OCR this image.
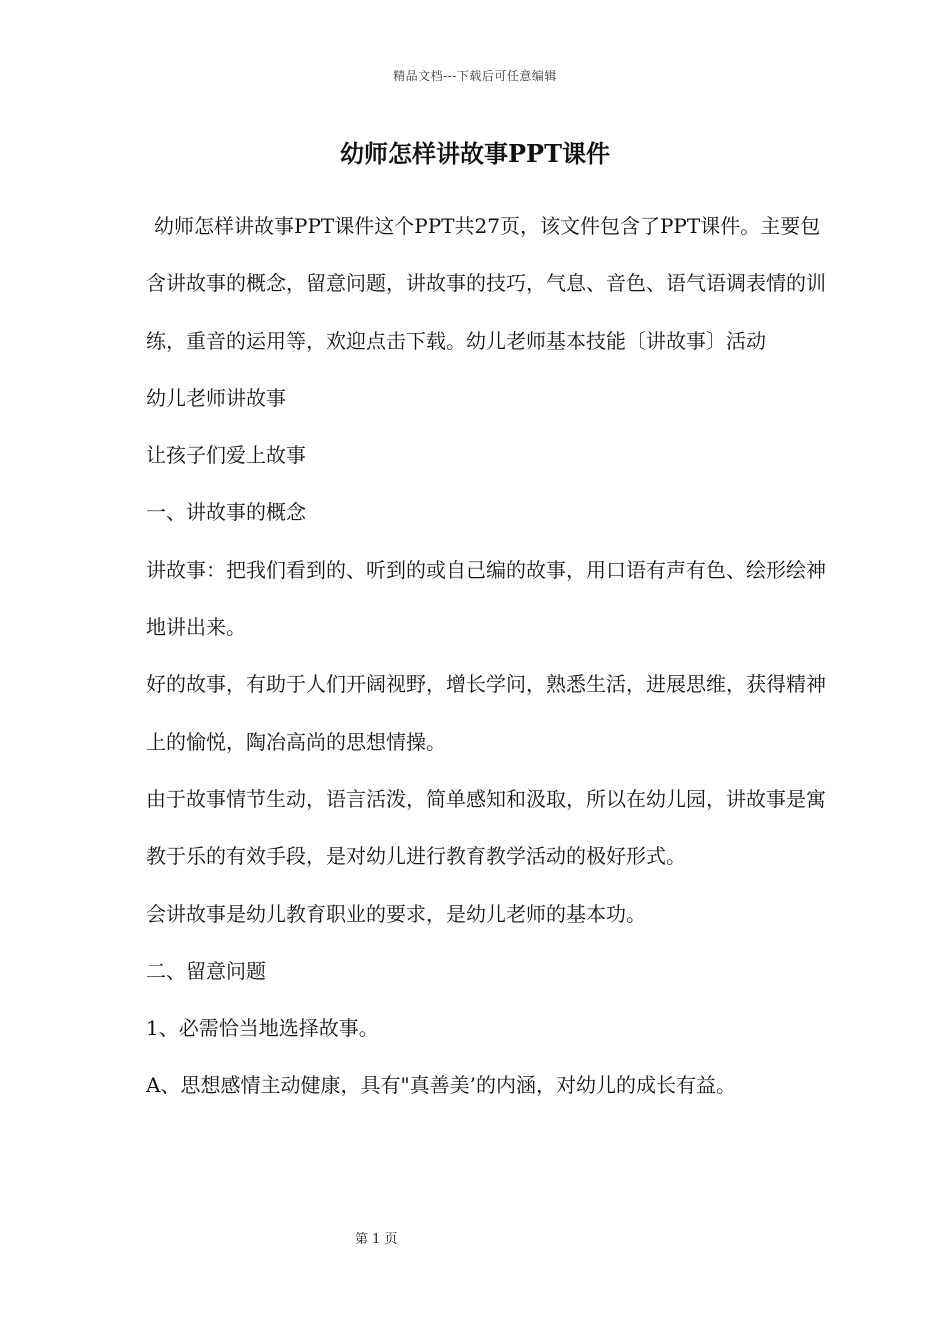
精品文档---下载后可任意编辑
幼师怎样讲故事PPT课件

幼师怎样讲故事PPT课件这个PPT共27页，该文件包含了PPT课件。主要包含讲故事的概念，留意问题，讲故事的技巧，气息、音色、语气语调表情的训练，重音的运用等，欢迎点击下载。幼儿老师基本技能〔讲故事〕活动

幼儿老师讲故事

让孩子们爱上故事

一、讲故事的概念

讲故事：把我们看到的、听到的或自己编的故事，用口语有声有色、绘形绘神地讲出来。

好的故事，有助于人们开阔视野，增长学问，熟悉生活，进展思维，获得精神上的愉悦，陶冶高尚的思想情操。

由于故事情节生动，语言活泼，简单感知和汲取，所以在幼儿园，讲故事是寓教于乐的有效手段，是对幼儿进行教育教学活动的极好形式。

会讲故事是幼儿教育职业的要求，是幼儿老师的基本功。

二、留意问题

1、必需恰当地选择故事。

A、思想感情主动健康，具有"真善美’的内涵，对幼儿的成长有益。

第 1 页
